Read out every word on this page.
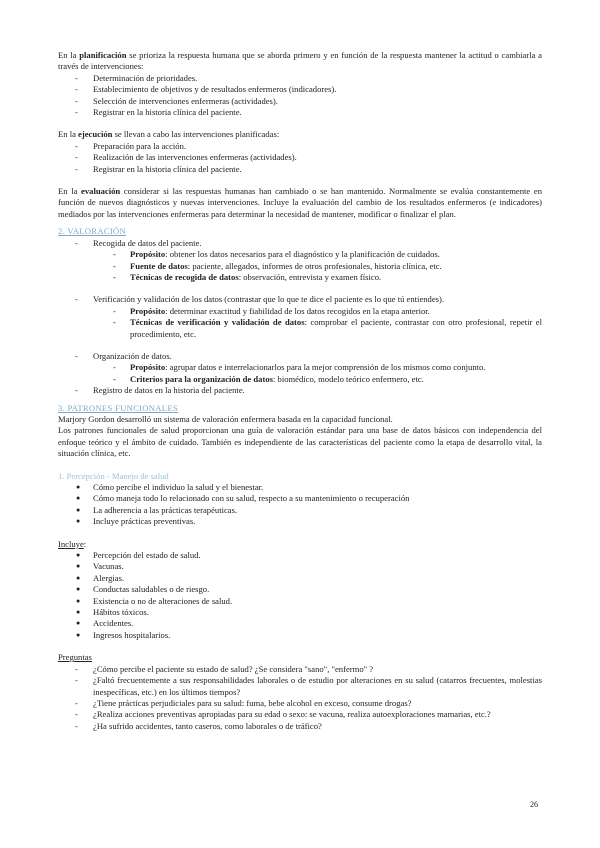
En la planificación se prioriza la respuesta humana que se aborda primero y en función de la respuesta mantener la actitud o cambiarla a través de intervenciones:

- Determinación de prioridades.
- Establecimiento de objetivos y de resultados enfermeros (indicadores).
- Selección de intervenciones enfermeras (actividades).
- Registrar en la historia clínica del paciente.

En la ejecución se llevan a cabo las intervenciones planificadas:

- Preparación para la acción.
- Realización de las intervenciones enfermeras (actividades).
- Registrar en la historia clínica del paciente.

En la evaluación considerar si las respuestas humanas han cambiado o se han mantenido. Normalmente se evalúa constantemente en función de nuevos diagnósticos y nuevas intervenciones. Incluye la evaluación del cambio de los resultados enfermeros (e indicadores) mediados por las intervenciones enfermeras para determinar la necesidad de mantener, modificar o finalizar el plan.

2. VALORACIÓN
- Recogida de datos del paciente.
- Propósito: obtener los datos necesarios para el diagnóstico y la planificación de cuidados.
- Fuente de datos: paciente, allegados, informes de otros profesionales, historia clínica, etc.
- Técnicas de recogida de datos: observación, entrevista y examen físico.
- Verificación y validación de los datos (contrastar que lo que te dice el paciente es lo que tú entiendes).
- Propósito: determinar exactitud y fiabilidad de los datos recogidos en la etapa anterior.
- Técnicas de verificación y validación de datos: comprobar el paciente, contrastar con otro profesional, repetir el procedimiento, etc.
- Organización de datos.
- Propósito: agrupar datos e interrelacionarlos para la mejor comprensión de los mismos como conjunto.
- Criterios para la organización de datos: biomédico, modelo teórico enfermero, etc.
- Registro de datos en la historia del paciente.
3. PATRONES FUNCIONALES

Marjory Gordon desarrolló un sistema de valoración enfermera basada en la capacidad funcional.

Los patrones funcionales de salud proporcionan una guía de valoración estándar para una base de datos básicos con independencia del enfoque teórico y el ámbito de cuidado. También es independiente de las características del paciente como la etapa de desarrollo vital, la situación clínica, etc.

1. Percepción - Manejo de salud
● Cómo percibe el individuo la salud y el bienestar.
● Cómo maneja todo lo relacionado con su salud, respecto a su mantenimiento o recuperación
● La adherencia a las prácticas terapéuticas.
● Incluye prácticas preventivas.
Incluye:
● Percepción del estado de salud.
● Vacunas.
● Alergias.
● Conductas saludables o de riesgo.
● Existencia o no de alteraciones de salud.
● Hábitos tóxicos.
● Accidentes.
● Ingresos hospitalarios.
Preguntas
- ¿Cómo percibe el paciente su estado de salud? ¿Se considera "sano", "enfermo" ?
- ¿Faltó frecuentemente a sus responsabilidades laborales o de estudio por alteraciones en su salud (catarros frecuentes, molestias inespecíficas, etc.) en los últimos tiempos?
- ¿Tiene prácticas perjudiciales para su salud: fuma, bebe alcohol en exceso, consume drogas?
- ¿Realiza acciones preventivas apropiadas para su edad o sexo: se vacuna, realiza autoexploraciones mamarias, etc.?
- ¿Ha sufrido accidentes, tanto caseros, como laborales o de tráfico?
26
